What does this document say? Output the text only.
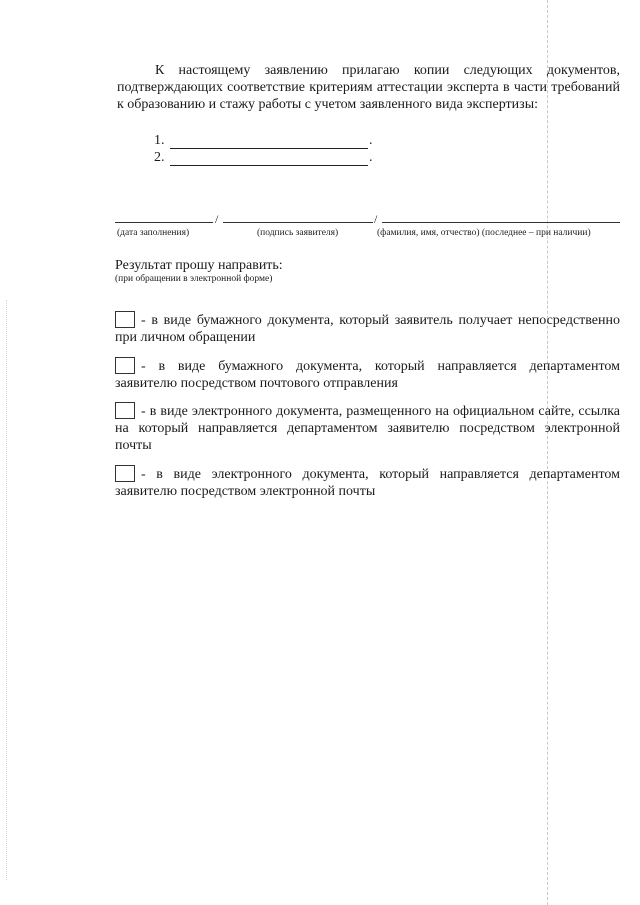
К настоящему заявлению прилагаю копии следующих документов, подтверждающих соответствие критериям аттестации эксперта в части требований к образованию и стажу работы с учетом заявленного вида экспертизы:

1.	.
2.	.
/	/
(дата заполнения)	(подпись заявителя)	(фамилия, имя, отчество) (последнее – при наличии)
Результат прошу направить:
(при обращении в электронной форме)

- в виде бумажного документа, который заявитель получает непосредственно при личном обращении

- в виде бумажного документа, который направляется департаментом заявителю посредством почтового отправления

- в виде электронного документа, размещенного на официальном сайте, ссылка на который направляется департаментом заявителю посредством электронной почты

- в виде электронного документа, который направляется департаментом заявителю посредством электронной почты
